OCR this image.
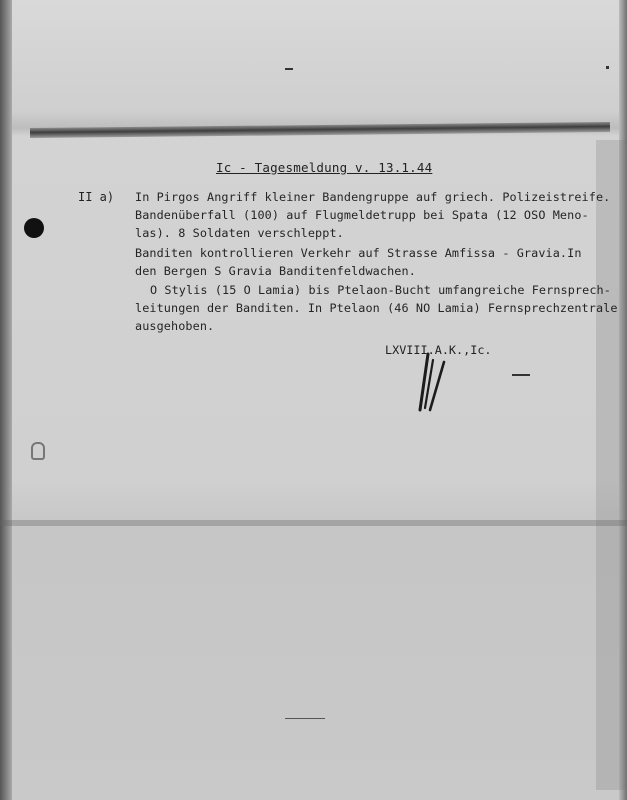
Ic - Tagesmeldung v. 13.1.44
II a) In Pirgos Angriff kleiner Bandengruppe auf griech. Polizeistreife.
Bandenüberfall (100) auf Flugmeldetrupp bei Spata (12 OSO Meno-
las). 8 Soldaten verschleppt.
Banditen kontrollieren Verkehr auf Strasse Amfissa - Gravia.In
den Bergen S Gravia Banditenfeldwachen.
O Stylis (15 O Lamia) bis Ptelaon-Bucht umfangreiche Fernsprech-
leitungen der Banditen. In Ptelaon (46 NO Lamia) Fernsprechzentrale
ausgehoben.
LXVIII.A.K.,Ic.
